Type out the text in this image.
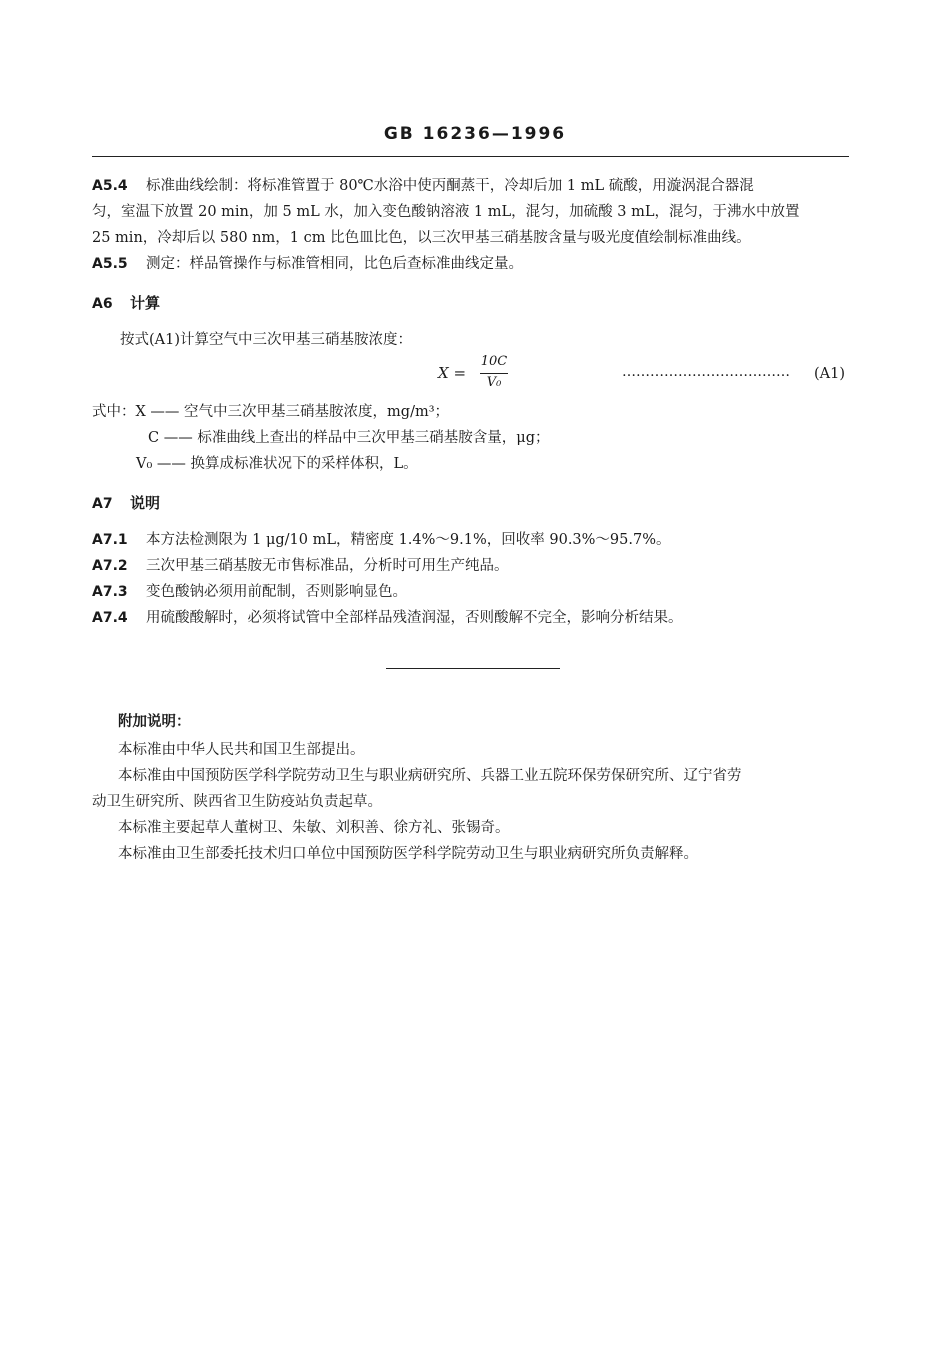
GB 16236—1996
A5.4 标准曲线绘制：将标准管置于 80℃水浴中使丙酮蒸干，冷却后加 1 mL 硫酸，用漩涡混合器混
匀，室温下放置 20 min，加 5 mL 水，加入变色酸钠溶液 1 mL，混匀，加硫酸 3 mL，混匀，于沸水中放置
25 min，冷却后以 580 nm，1 cm 比色皿比色，以三次甲基三硝基胺含量与吸光度值绘制标准曲线。
A5.5 测定：样品管操作与标准管相同，比色后查标准曲线定量。
A6 计算
按式(A1)计算空气中三次甲基三硝基胺浓度：
X =
10C
V₀
……………………………… (A1)
式中：X —— 空气中三次甲基三硝基胺浓度，mg/m³；
C —— 标准曲线上查出的样品中三次甲基三硝基胺含量，μg；
V₀ —— 换算成标准状况下的采样体积，L。
A7 说明
A7.1 本方法检测限为 1 μg/10 mL，精密度 1.4%～9.1%，回收率 90.3%～95.7%。
A7.2 三次甲基三硝基胺无市售标准品，分析时可用生产纯品。
A7.3 变色酸钠必须用前配制，否则影响显色。
A7.4 用硫酸酸解时，必须将试管中全部样品残渣润湿，否则酸解不完全，影响分析结果。
附加说明：
本标准由中华人民共和国卫生部提出。
本标准由中国预防医学科学院劳动卫生与职业病研究所、兵器工业五院环保劳保研究所、辽宁省劳
动卫生研究所、陕西省卫生防疫站负责起草。
本标准主要起草人董树卫、朱敏、刘积善、徐方礼、张锡奇。
本标准由卫生部委托技术归口单位中国预防医学科学院劳动卫生与职业病研究所负责解释。
